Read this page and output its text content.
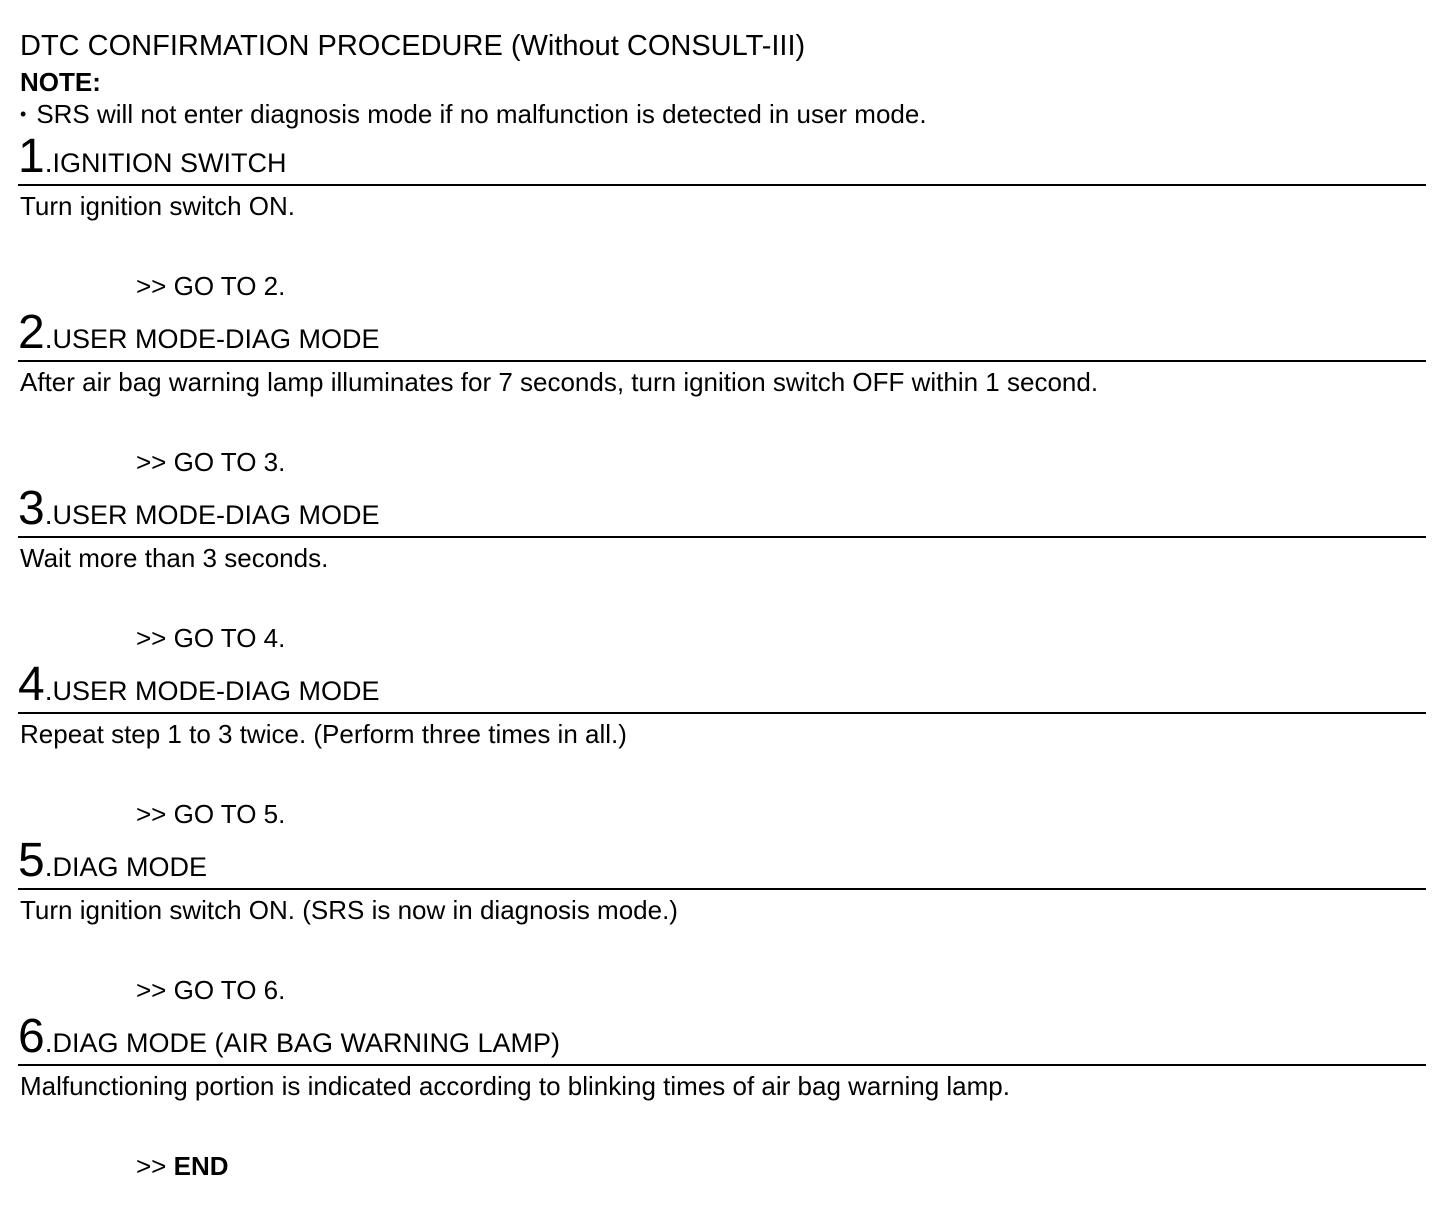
DTC CONFIRMATION PROCEDURE (Without CONSULT-III)
NOTE:
• SRS will not enter diagnosis mode if no malfunction is detected in user mode.
1.IGNITION SWITCH
Turn ignition switch ON.
>> GO TO 2.
2.USER MODE-DIAG MODE
After air bag warning lamp illuminates for 7 seconds, turn ignition switch OFF within 1 second.
>> GO TO 3.
3.USER MODE-DIAG MODE
Wait more than 3 seconds.
>> GO TO 4.
4.USER MODE-DIAG MODE
Repeat step 1 to 3 twice. (Perform three times in all.)
>> GO TO 5.
5.DIAG MODE
Turn ignition switch ON. (SRS is now in diagnosis mode.)
>> GO TO 6.
6.DIAG MODE (AIR BAG WARNING LAMP)
Malfunctioning portion is indicated according to blinking times of air bag warning lamp.
>> END
